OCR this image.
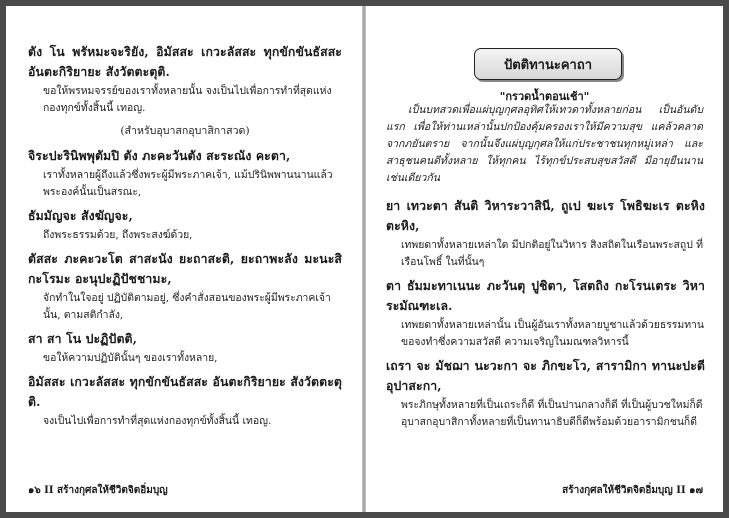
ตัง โน พรัหมะจะริยัง, อิมัสสะ เกวะลัสสะ ทุกขักขันธัสสะ อันตะกิริยายะ สังวัตตะตุติ.
ขอให้พรหมจรรย์ของเราทั้งหลายนั้น จงเป็นไปเพื่อการทำที่สุดแห่งกองทุกข์ทั้งสิ้นนี้ เทอญ.
(สำหรับอุบาสกอุบาสิกาสวด)
จิระปะรินิพพุตัมปิ ตัง ภะคะวันตัง สะระณัง คะตา,
เราทั้งหลายผู้ถึงแล้วซึ่งพระผู้มีพระภาคเจ้า, แม้ปรินิพพานนานแล้ว พระองค์นั้นเป็นสรณะ,
ธัมมัญจะ สังฆัญจะ,
ถึงพระธรรมด้วย, ถึงพระสงฆ์ด้วย,
ตัสสะ ภะคะวะโต สาสะนัง ยะถาสะติ, ยะถาพะลัง มะนะสิกะโรมะ อะนุปะฏิปัชชามะ,
จักทำในใจอยู่ ปฏิบัติตามอยู่, ซึ่งคำสั่งสอนของพระผู้มีพระภาคเจ้านั้น, ตามสติกำลัง,
สา สา โน ปะฏิปัตติ,
ขอให้ความปฏิบัตินั้นๆ ของเราทั้งหลาย,
อิมัสสะ เกวะลัสสะ ทุกขักขันธัสสะ อันตะกิริยายะ สังวัตตะตุติ.
จงเป็นไปเพื่อการทำที่สุดแห่งกองทุกข์ทั้งสิ้นนี้ เทอญ.
๑๖ II สร้างกุศลให้ชีวิตจิตอิ่มบุญ
ปัตติทานะคาถา
"กรวดน้ำตอนเช้า"
เป็นบทสวดเพื่อแผ่บุญกุศลอุทิศให้เทวดาทั้งหลายก่อน เป็นอันดับแรก เพื่อให้ท่านเหล่านั้นปกป้องคุ้มครองเราให้มีความสุข แคล้วคลาดจากภยันตราย จากนั้นจึงแผ่บุญกุศลให้แก่ประชาชนทุกหมู่เหล่า และสาธุชนคนดีทั้งหลาย ให้ทุกคน ไร้ทุกข์ประสบสุขสวัสดี มีอายุยืนนานเช่นเดียวกัน
ยา เทวะตา สันติ วิหาระวาสินี, ถูเป ฆะเร โพธิฆะเร ตะหิง ตะหิง,
เทพยดาทั้งหลายเหล่าใด มีปกติอยู่ในวิหาร สิงสถิตในเรือนพระสถูป ที่เรือนโพธิ์ ในที่นั้นๆ
ตา ธัมมะทาเนนะ ภะวันตุ ปูชิตา, โสตถิง กะโรนเตระ วิหาระมัณฑะเล.
เทพยดาทั้งหลายเหล่านั้น เป็นผู้อันเราทั้งหลายบูชาแล้วด้วยธรรมทาน ขอจงทำซึ่งความสวัสดี ความเจริญในมณฑลวิหารนี้
เถรา จะ มัชฌา นะวะกา จะ ภิกขะโว, สารามิกา ทานะปะตีอุปาสะกา,
พระภิกษุทั้งหลายที่เป็นเถระก็ดี ที่เป็นปานกลางก็ดี ที่เป็นผู้บวชใหม่ก็ดี อุบาสกอุบาสิกาทั้งหลายที่เป็นทานาธิบดีก็ดีพร้อมด้วยอารามิกชนก็ดี
สร้างกุศลให้ชีวิตจิตอิ่มบุญ II ๑๗
